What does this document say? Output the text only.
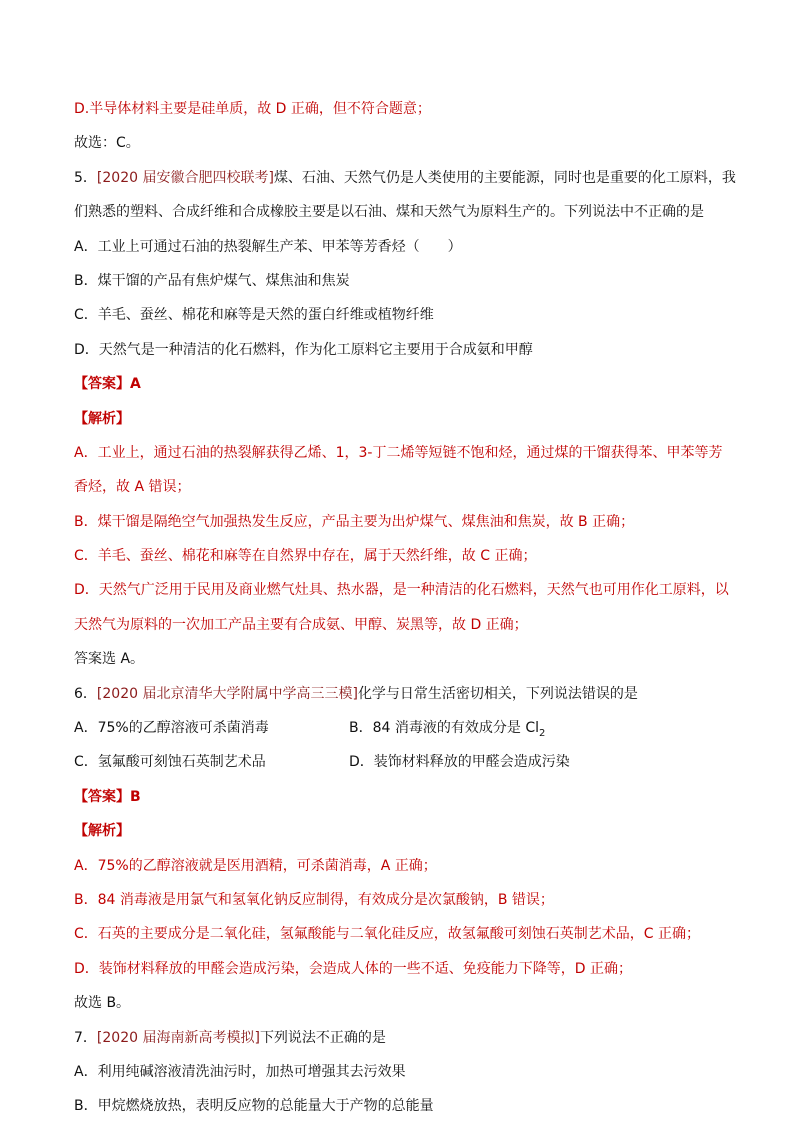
D.半导体材料主要是硅单质，故 D 正确，但不符合题意；
故选：C。
5．[2020 届安徽合肥四校联考]煤、石油、天然气仍是人类使用的主要能源，同时也是重要的化工原料，我
们熟悉的塑料、合成纤维和合成橡胶主要是以石油、煤和天然气为原料生产的。下列说法中不正确的是
A．工业上可通过石油的热裂解生产苯、甲苯等芳香烃（　　）
B．煤干馏的产品有焦炉煤气、煤焦油和焦炭
C．羊毛、蚕丝、棉花和麻等是天然的蛋白纤维或植物纤维
D．天然气是一种清洁的化石燃料，作为化工原料它主要用于合成氨和甲醇
【答案】A
【解析】
A．工业上，通过石油的热裂解获得乙烯、1，3-丁二烯等短链不饱和烃，通过煤的干馏获得苯、甲苯等芳
香烃，故 A 错误；
B．煤干馏是隔绝空气加强热发生反应，产品主要为出炉煤气、煤焦油和焦炭，故 B 正确；
C．羊毛、蚕丝、棉花和麻等在自然界中存在，属于天然纤维，故 C 正确；
D．天然气广泛用于民用及商业燃气灶具、热水器，是一种清洁的化石燃料，天然气也可用作化工原料，以
天然气为原料的一次加工产品主要有合成氨、甲醇、炭黑等，故 D 正确；
答案选 A。
6．[2020 届北京清华大学附属中学高三三模]化学与日常生活密切相关，下列说法错误的是
A．75%的乙醇溶液可杀菌消毒	B．84 消毒液的有效成分是 $Cl_2$
C．氢氟酸可刻蚀石英制艺术品	D．装饰材料释放的甲醛会造成污染
【答案】B
【解析】
A．75%的乙醇溶液就是医用酒精，可杀菌消毒，A 正确；
B．84 消毒液是用氯气和氢氧化钠反应制得，有效成分是次氯酸钠，B 错误；
C．石英的主要成分是二氧化硅，氢氟酸能与二氧化硅反应，故氢氟酸可刻蚀石英制艺术品，C 正确；
D．装饰材料释放的甲醛会造成污染，会造成人体的一些不适、免疫能力下降等，D 正确；
故选 B。
7．[2020 届海南新高考模拟]下列说法不正确的是
A．利用纯碱溶液清洗油污时，加热可增强其去污效果
B．甲烷燃烧放热，表明反应物的总能量大于产物的总能量
